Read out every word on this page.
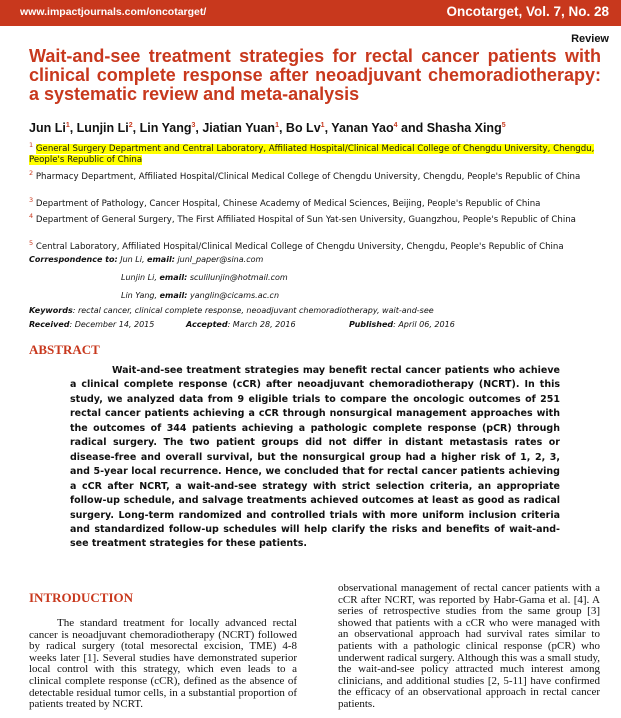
www.impactjournals.com/oncotarget/	Oncotarget, Vol. 7, No. 28
Review
Wait-and-see treatment strategies for rectal cancer patients with clinical complete response after neoadjuvant chemoradiotherapy: a systematic review and meta-analysis
Jun Li$^1$, Lunjin Li$^2$, Lin Yang$^3$, Jiatian Yuan$^1$, Bo Lv$^1$, Yanan Yao$^4$ and Shasha Xing$^5$
$^1$ General Surgery Department and Central Laboratory, Affiliated Hospital/Clinical Medical College of Chengdu University, Chengdu, People's Republic of China
$^2$ Pharmacy Department, Affiliated Hospital/Clinical Medical College of Chengdu University, Chengdu, People's Republic of China
$^3$ Department of Pathology, Cancer Hospital, Chinese Academy of Medical Sciences, Beijing, People's Republic of China
$^4$ Department of General Surgery, The First Affiliated Hospital of Sun Yat-sen University, Guangzhou, People's Republic of China
$^5$ Central Laboratory, Affiliated Hospital/Clinical Medical College of Chengdu University, Chengdu, People's Republic of China
Correspondence to: Jun Li, email: junl_paper@sina.com
Lunjin Li, email: sculilunjin@hotmail.com
Lin Yang, email: yanglin@cicams.ac.cn
Keywords: rectal cancer, clinical complete response, neoadjuvant chemoradiotherapy, wait-and-see
Received: December 14, 2015	Accepted: March 28, 2016	Published: April 06, 2016
ABSTRACT

Wait-and-see treatment strategies may benefit rectal cancer patients who achieve a clinical complete response (cCR) after neoadjuvant chemoradiotherapy (NCRT). In this study, we analyzed data from 9 eligible trials to compare the oncologic outcomes of 251 rectal cancer patients achieving a cCR through nonsurgical management approaches with the outcomes of 344 patients achieving a pathologic complete response (pCR) through radical surgery. The two patient groups did not differ in distant metastasis rates or disease-free and overall survival, but the nonsurgical group had a higher risk of 1, 2, 3, and 5-year local recurrence. Hence, we concluded that for rectal cancer patients achieving a cCR after NCRT, a wait-and-see strategy with strict selection criteria, an appropriate follow-up schedule, and salvage treatments achieved outcomes at least as good as radical surgery. Long-term randomized and controlled trials with more uniform inclusion criteria and standardized follow-up schedules will help clarify the risks and benefits of wait-and-see treatment strategies for these patients.

INTRODUCTION

The standard treatment for locally advanced rectal cancer is neoadjuvant chemoradiotherapy (NCRT) followed by radical surgery (total mesorectal excision, TME) 4-8 weeks later [1]. Several studies have demonstrated superior local control with this strategy, which even leads to a clinical complete response (cCR), defined as the absence of detectable residual tumor cells, in a substantial proportion of patients treated by NCRT.

observational management of rectal cancer patients with a cCR after NCRT, was reported by Habr-Gama et al. [4]. A series of retrospective studies from the same group [3] showed that patients with a cCR who were managed with an observational approach had survival rates similar to patients with a pathologic clinical response (pCR) who underwent radical surgery. Although this was a small study, the wait-and-see policy attracted much interest among clinicians, and additional studies [2, 5-11] have confirmed the efficacy of an observational approach in rectal cancer patients.
